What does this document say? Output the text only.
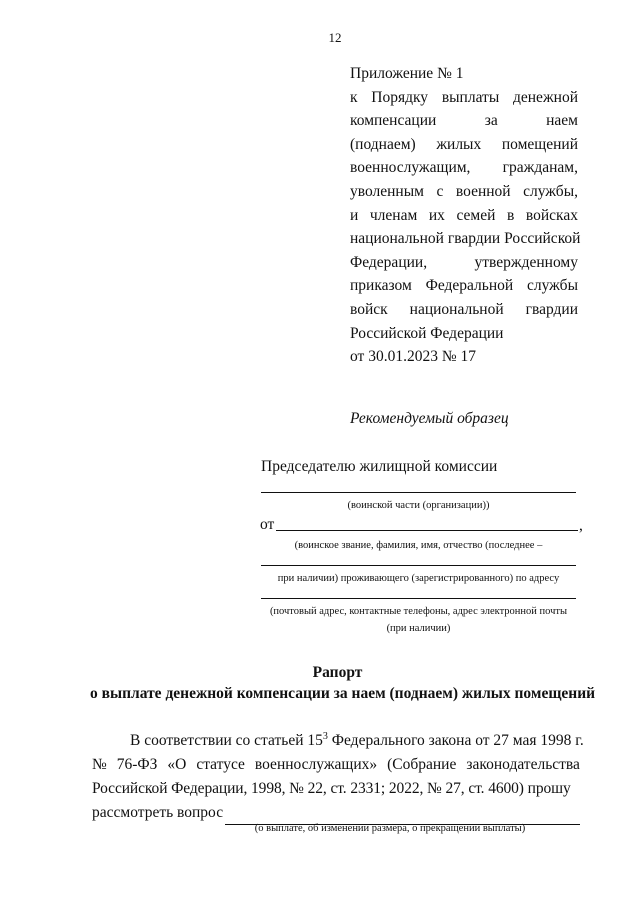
12
Приложение № 1
к Порядку выплаты денежной
компенсации	за	наем
(поднаем) жилых помещений
военнослужащим, гражданам,
уволенным с военной службы,
и членам их семей в войсках
национальной гвардии Российской
Федерации,	утвержденному
приказом Федеральной службы
войск национальной гвардии
Российской Федерации
от 30.01.2023 № 17
Рекомендуемый образец
Председателю жилищной комиссии
(воинской части (организации))
от	,
(воинское звание, фамилия, имя, отчество (последнее –
при наличии) проживающего (зарегистрированного) по адресу
(почтовый адрес, контактные телефоны, адрес электронной почты
(при наличии)
Рапорт
о выплате денежной компенсации за наем (поднаем) жилых помещений
В соответствии со статьей $15^3$ Федерального закона от 27 мая 1998 г.
№ 76-ФЗ «О статусе военнослужащих» (Собрание законодательства
Российской Федерации, 1998, № 22, ст. 2331; 2022, № 27, ст. 4600) прошу
рассмотреть вопрос
(о выплате, об изменении размера, о прекращении выплаты)
